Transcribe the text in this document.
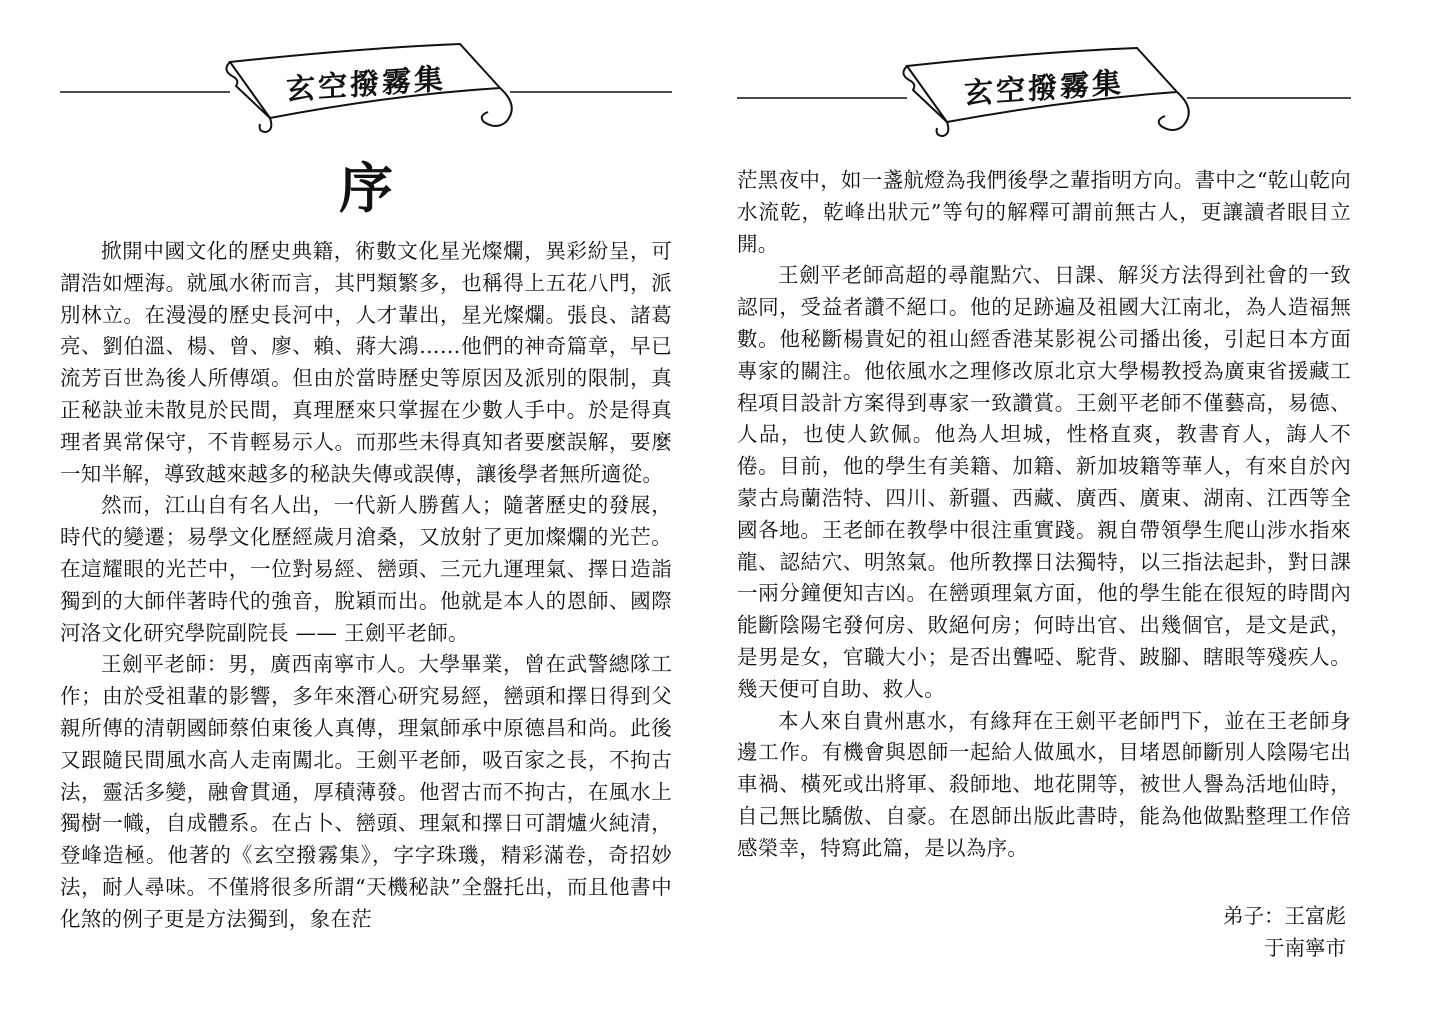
玄空撥霧集
序

掀開中國文化的歷史典籍，術數文化星光燦爛，異彩紛呈，可謂浩如煙海。就風水術而言，其門類繁多，也稱得上五花八門，派別林立。在漫漫的歷史長河中，人才輩出，星光燦爛。張良、諸葛亮、劉伯溫、楊、曾、廖、賴、蔣大鴻……他們的神奇篇章，早已流芳百世為後人所傳頌。但由於當時歷史等原因及派別的限制，真正秘訣並未散見於民間，真理歷來只掌握在少數人手中。於是得真理者異常保守，不肯輕易示人。而那些未得真知者要麼誤解，要麼一知半解，導致越來越多的秘訣失傳或誤傳，讓後學者無所適從。

然而，江山自有名人出，一代新人勝舊人；隨著歷史的發展，時代的變遷；易學文化歷經歲月滄桑，又放射了更加燦爛的光芒。在這耀眼的光芒中，一位對易經、巒頭、三元九運理氣、擇日造詣獨到的大師伴著時代的強音，脫穎而出。他就是本人的恩師、國際河洛文化研究學院副院長 —— 王劍平老師。

王劍平老師：男，廣西南寧市人。大學畢業，曾在武警總隊工作；由於受祖輩的影響，多年來潛心研究易經，巒頭和擇日得到父親所傳的清朝國師蔡伯東後人真傳，理氣師承中原德昌和尚。此後又跟隨民間風水高人走南闖北。王劍平老師，吸百家之長，不拘古法，靈活多變，融會貫通，厚積薄發。他習古而不拘古，在風水上獨樹一幟，自成體系。在占卜、巒頭、理氣和擇日可謂爐火純清，登峰造極。他著的《玄空撥霧集》，字字珠璣，精彩滿卷，奇招妙法，耐人尋味。不僅將很多所謂“天機秘訣”全盤托出，而且他書中化煞的例子更是方法獨到，象在茫

玄空撥霧集

茫黑夜中，如一盞航燈為我們後學之輩指明方向。書中之“乾山乾向水流乾，乾峰出狀元”等句的解釋可謂前無古人，更讓讀者眼目立開。

王劍平老師高超的尋龍點穴、日課、解災方法得到社會的一致認同，受益者讚不絕口。他的足跡遍及祖國大江南北，為人造福無數。他秘斷楊貴妃的祖山經香港某影視公司播出後，引起日本方面專家的關注。他依風水之理修改原北京大學楊教授為廣東省援藏工程項目設計方案得到專家一致讚賞。王劍平老師不僅藝高，易德、人品，也使人欽佩。他為人坦城，性格直爽，教書育人，誨人不倦。目前，他的學生有美籍、加籍、新加坡籍等華人，有來自於內蒙古烏蘭浩特、四川、新疆、西藏、廣西、廣東、湖南、江西等全國各地。王老師在教學中很注重實踐。親自帶領學生爬山涉水指來龍、認結穴、明煞氣。他所教擇日法獨特，以三指法起卦，對日課一兩分鐘便知吉凶。在巒頭理氣方面，他的學生能在很短的時間內能斷陰陽宅發何房、敗絕何房；何時出官、出幾個官，是文是武，是男是女，官職大小；是否出聾啞、駝背、跛腳、瞎眼等殘疾人。幾天便可自助、救人。

本人來自貴州惠水，有緣拜在王劍平老師門下，並在王老師身邊工作。有機會與恩師一起給人做風水，目堵恩師斷別人陰陽宅出車禍、橫死或出將軍、殺師地、地花開等，被世人譽為活地仙時，自己無比驕傲、自豪。在恩師出版此書時，能為他做點整理工作倍感榮幸，特寫此篇，是以為序。

弟子：王富彪
于南寧市
